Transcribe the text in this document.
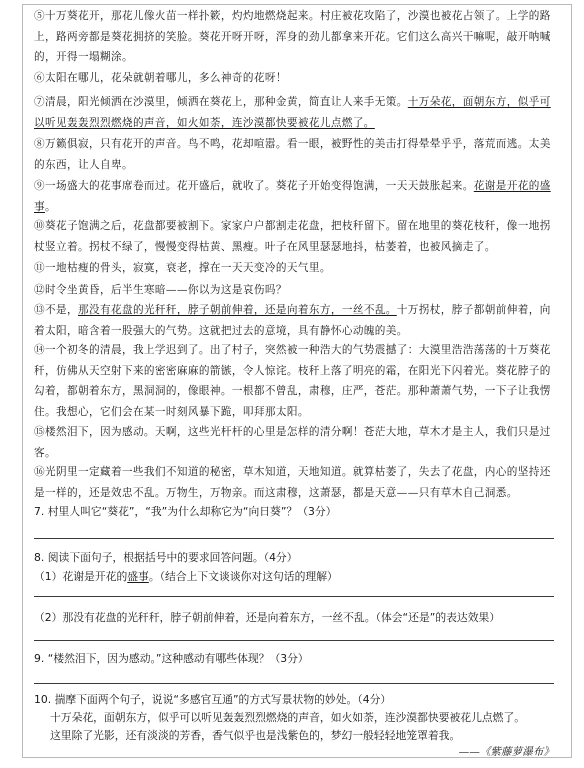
⑤十万葵花开，那花儿像火苗一样扑簌，灼灼地燃烧起来。村庄被花攻陷了，沙漠也被花占领了。上学的路上，路两旁都是葵花拥挤的笑脸。葵花开呀开呀，浑身的劲儿都拿来开花。它们这么高兴干嘛呢，敲开呐喊的，开得一塌糊涂。
⑥太阳在哪儿，花朵就朝着哪儿，多么神奇的花呀！
⑦清晨，阳光倾洒在沙漠里，倾洒在葵花上，那种金黄，简直让人来手无策。十万朵花，面朝东方，似乎可以听见轰轰烈烈燃烧的声音，如火如荼，连沙漠都快要被花儿点燃了。
⑧万籁俱寂，只有花开的声音。鸟不鸣，花却喧嚣。看一眼，被野性的美击打得晕晕乎乎，落荒而逃。太美的东西，让人自卑。
⑨一场盛大的花事席卷而过。花开盛后，就收了。葵花子开始变得饱满，一天天鼓胀起来。花谢是开花的盛事。
⑩葵花子饱满之后，花盘都要被割下。家家户户都割走花盘，把枝秆留下。留在地里的葵花枝秆，像一地拐杖竖立着。拐杖不绿了，慢慢变得枯黄、黑瘦。叶子在风里瑟瑟地抖，枯萎着，也被风摘走了。
⑪一地枯瘦的骨头，寂寞，衰老，撑在一天天变冷的天气里。
⑫时令坐黄昏，后半生寒暗——你以为这是哀伤吗？
⑬不是，那没有花盘的光秆秆，脖子朝前伸着，还是向着东方，一丝不乱。十万拐杖，脖子都朝前伸着，向着太阳，暗含着一股强大的气势。这就把过去的意境，具有静怀心动魄的美。
⑭一个初冬的清晨，我上学迟到了。出了村子，突然被一种浩大的气势震撼了：大漠里浩浩荡荡的十万葵花秆，仿佛从天空射下来的密密麻麻的箭镞，令人惊诧。枝秆上落了明亮的霜，在阳光下闪着光。葵花脖子的勾着，都朝着东方，黑洞洞的，像眼神。一根都不曾乱，肃穆，庄严，苍茫。那种萧萧气势，一下子让我愣住。我想心，它们会在某一时刻风暴下跪，叩拜那太阳。
⑮楼然泪下，因为感动。天啊，这些光杆杆的心里是怎样的清分啊！苍茫大地，草木才是主人，我们只是过客。
⑯光阴里一定藏着一些我们不知道的秘密，草木知道，天地知道。就算枯萎了，失去了花盘，内心的坚持还是一样的，还是效忠不乱。万物生，万物亲。而这肃穆，这萧瑟，都是天意——只有草木自己洞悉。
7. 村里人叫它“葵花”，“我”为什么却称它为“向日葵”？（3分）
8. 阅读下面句子，根据括号中的要求回答问题。（4分）
（1）花谢是开花的盛事。（结合上下文谈谈你对这句话的理解）
（2）那没有花盘的光秆秆，脖子朝前伸着，还是向着东方，一丝不乱。（体会“还是”的表达效果）
9. “楼然泪下，因为感动。”这种感动有哪些体现？（3分）
10. 揣摩下面两个句子，说说“多感官互通”的方式写景状物的妙处。（4分）
十万朵花，面朝东方，似乎可以听见轰轰烈烈燃烧的声音，如火如荼，连沙漠都快要被花儿点燃了。
这里除了光影，还有淡淡的芳香，香气似乎也是浅紫色的，梦幻一般轻轻地笼罩着我。
——《紫藤萝瀑布》
